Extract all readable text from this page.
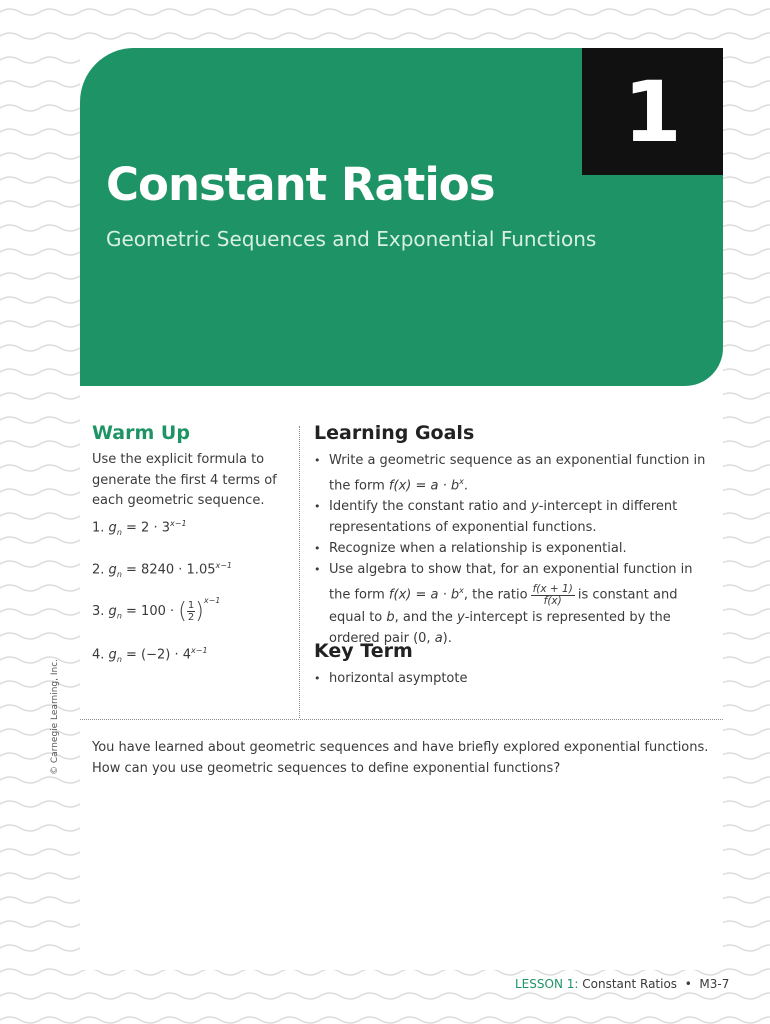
1
Constant Ratios

Geometric Sequences and Exponential Functions

Warm Up

Use the explicit formula to generate the first 4 terms of each geometric sequence.

1. $g_n = 2 \cdot 3^{x-1}$
2. $g_n = 8240 \cdot 1.05^{x-1}$
3. $g_n = 100$ · ( $\frac{1}{2} )^{x-1}$
4. $g_n = (-2) \cdot 4^{x-1}$
Learning Goals
• Write a geometric sequence as an exponential function in the form $f(x) = a \cdot b^x$.
• Identify the constant ratio and y-intercept in different representations of exponential functions.
• Recognize when a relationship is exponential.
• Use algebra to show that, for an exponential function in the form $f(x) = a \cdot b^x$, the ratio $\frac{f(x + 1)}{f(x)}$ is constant and equal to b, and the y-intercept is represented by the ordered pair (0, a).
Key Term
• horizontal asymptote

You have learned about geometric sequences and have briefly explored exponential functions. How can you use geometric sequences to define exponential functions?

© Carnegie Learning, Inc.
LESSON 1: Constant Ratios • M3-7
